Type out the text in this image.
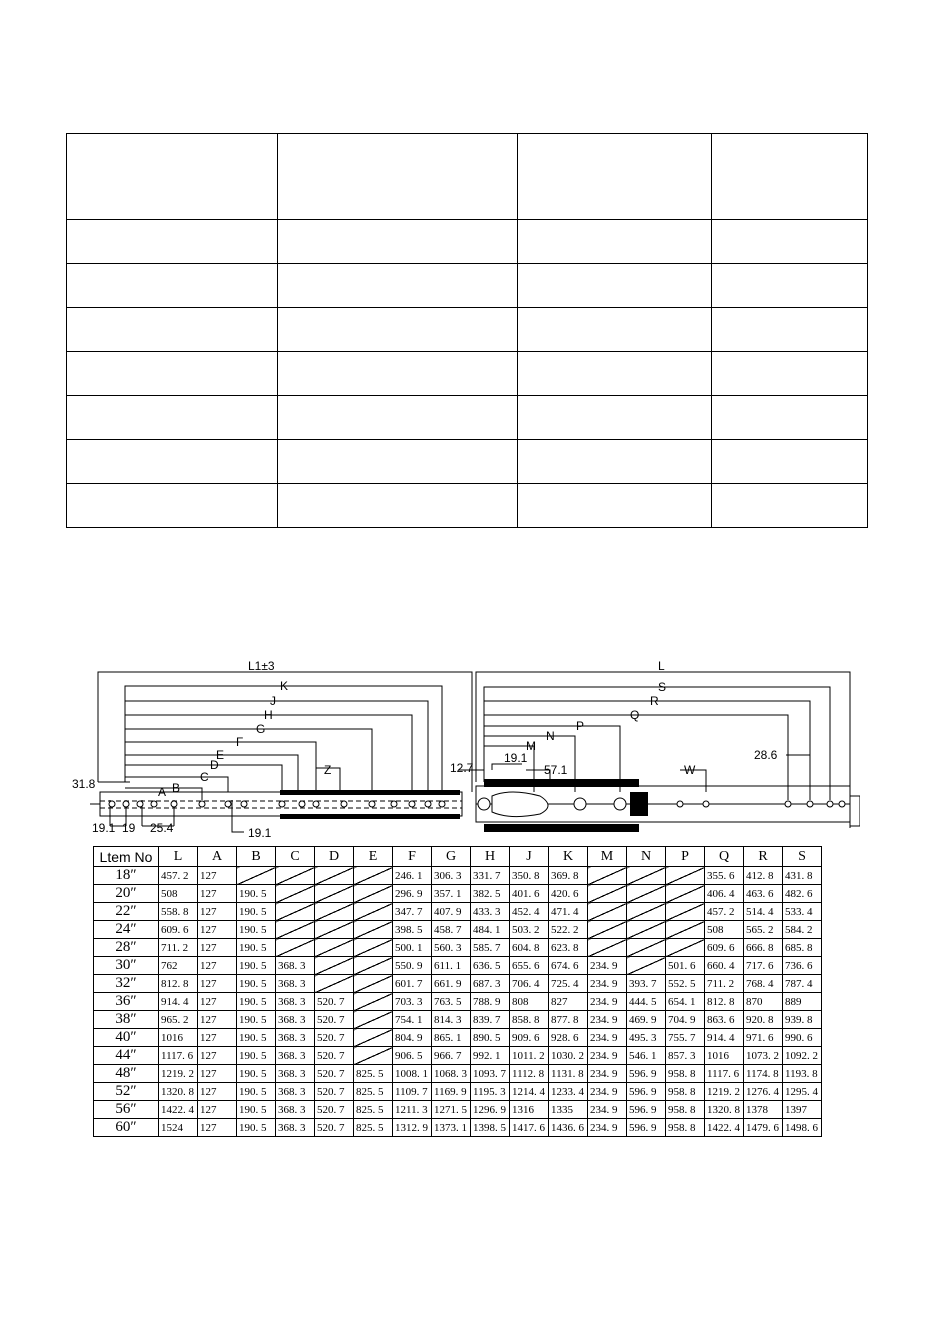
L1±3
K
J
H
G
F
E
D
C
B
A
Z
L
S
R
Q
P
N
M
W
31.8
12.7
19.1
57.1
28.6
19.1 19 25.4	19.1
Ltem No	L	A	B	C	D	E	F	G	H	J	K	M	N	P	Q	R	S
18″	457. 2	127					246. 1	306. 3	331. 7	350. 8	369. 8				355. 6	412. 8	431. 8
20″	508	127	190. 5				296. 9	357. 1	382. 5	401. 6	420. 6				406. 4	463. 6	482. 6
22″	558. 8	127	190. 5				347. 7	407. 9	433. 3	452. 4	471. 4				457. 2	514. 4	533. 4
24″	609. 6	127	190. 5				398. 5	458. 7	484. 1	503. 2	522. 2				508	565. 2	584. 2
28″	711. 2	127	190. 5				500. 1	560. 3	585. 7	604. 8	623. 8				609. 6	666. 8	685. 8
30″	762	127	190. 5	368. 3			550. 9	611. 1	636. 5	655. 6	674. 6	234. 9		501. 6	660. 4	717. 6	736. 6
32″	812. 8	127	190. 5	368. 3			601. 7	661. 9	687. 3	706. 4	725. 4	234. 9	393. 7	552. 5	711. 2	768. 4	787. 4
36″	914. 4	127	190. 5	368. 3	520. 7		703. 3	763. 5	788. 9	808	827	234. 9	444. 5	654. 1	812. 8	870	889
38″	965. 2	127	190. 5	368. 3	520. 7		754. 1	814. 3	839. 7	858. 8	877. 8	234. 9	469. 9	704. 9	863. 6	920. 8	939. 8
40″	1016	127	190. 5	368. 3	520. 7		804. 9	865. 1	890. 5	909. 6	928. 6	234. 9	495. 3	755. 7	914. 4	971. 6	990. 6
44″	1117. 6	127	190. 5	368. 3	520. 7		906. 5	966. 7	992. 1	1011. 2	1030. 2	234. 9	546. 1	857. 3	1016	1073. 2	1092. 2
48″	1219. 2	127	190. 5	368. 3	520. 7	825. 5	1008. 1	1068. 3	1093. 7	1112. 8	1131. 8	234. 9	596. 9	958. 8	1117. 6	1174. 8	1193. 8
52″	1320. 8	127	190. 5	368. 3	520. 7	825. 5	1109. 7	1169. 9	1195. 3	1214. 4	1233. 4	234. 9	596. 9	958. 8	1219. 2	1276. 4	1295. 4
56″	1422. 4	127	190. 5	368. 3	520. 7	825. 5	1211. 3	1271. 5	1296. 9	1316	1335	234. 9	596. 9	958. 8	1320. 8	1378	1397
60″	1524	127	190. 5	368. 3	520. 7	825. 5	1312. 9	1373. 1	1398. 5	1417. 6	1436. 6	234. 9	596. 9	958. 8	1422. 4	1479. 6	1498. 6
